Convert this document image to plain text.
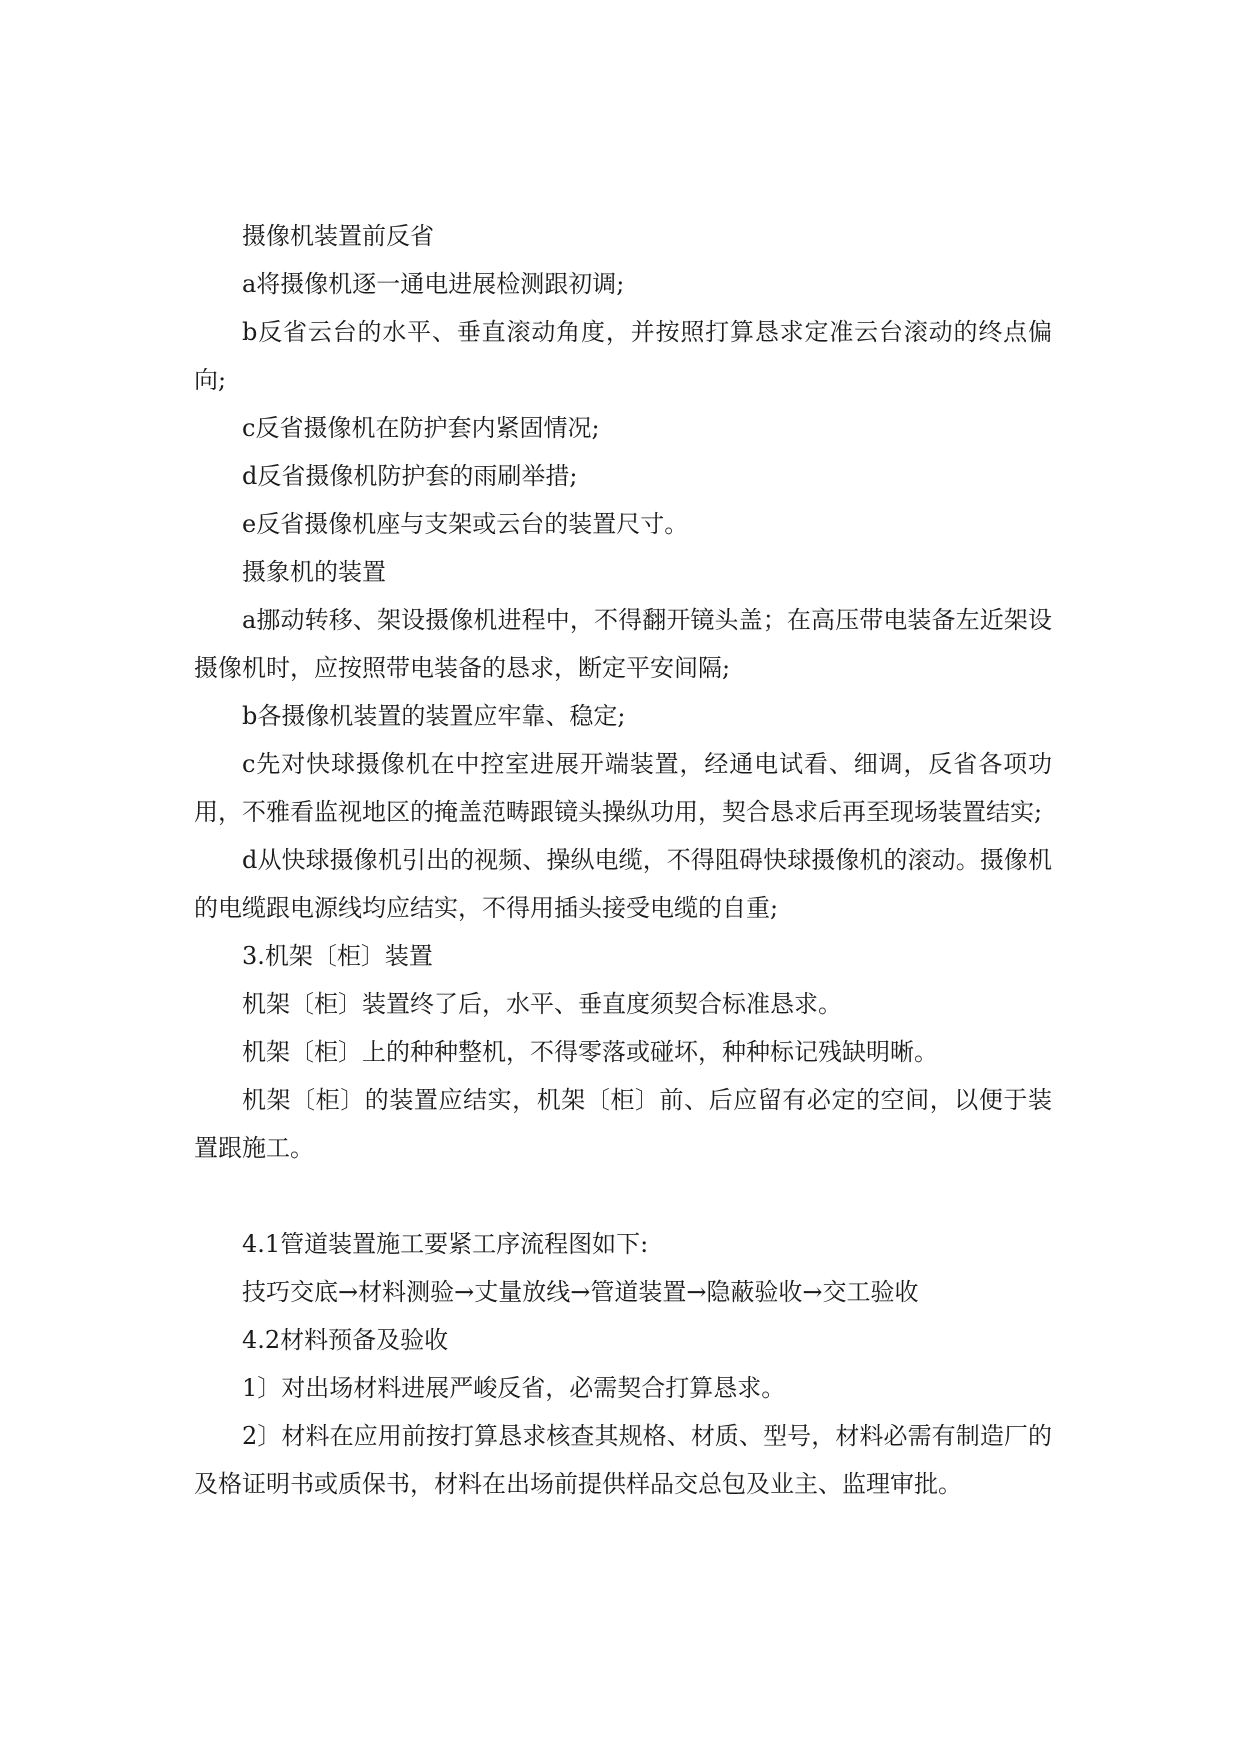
摄像机装置前反省

a将摄像机逐一通电进展检测跟初调;

b反省云台的水平、垂直滚动角度，并按照打算恳求定准云台滚动的终点偏向;

c反省摄像机在防护套内紧固情况;

d反省摄像机防护套的雨刷举措;

e反省摄像机座与支架或云台的装置尺寸。

摄象机的装置

a挪动转移、架设摄像机进程中，不得翻开镜头盖；在高压带电装备左近架设摄像机时，应按照带电装备的恳求，断定平安间隔;

b各摄像机装置的装置应牢靠、稳定;

c先对快球摄像机在中控室进展开端装置，经通电试看、细调，反省各项功用，不雅看监视地区的掩盖范畴跟镜头操纵功用，契合恳求后再至现场装置结实;

d从快球摄像机引出的视频、操纵电缆，不得阻碍快球摄像机的滚动。摄像机的电缆跟电源线均应结实，不得用插头接受电缆的自重;

3.机架〔柜〕装置

机架〔柜〕装置终了后，水平、垂直度须契合标准恳求。

机架〔柜〕上的种种整机，不得零落或碰坏，种种标记残缺明晰。

机架〔柜〕的装置应结实，机架〔柜〕前、后应留有必定的空间，以便于装置跟施工。

4.1管道装置施工要紧工序流程图如下:

技巧交底→材料测验→丈量放线→管道装置→隐蔽验收→交工验收

4.2材料预备及验收

1〕对出场材料进展严峻反省，必需契合打算恳求。

2〕材料在应用前按打算恳求核查其规格、材质、型号，材料必需有制造厂的及格证明书或质保书，材料在出场前提供样品交总包及业主、监理审批。
